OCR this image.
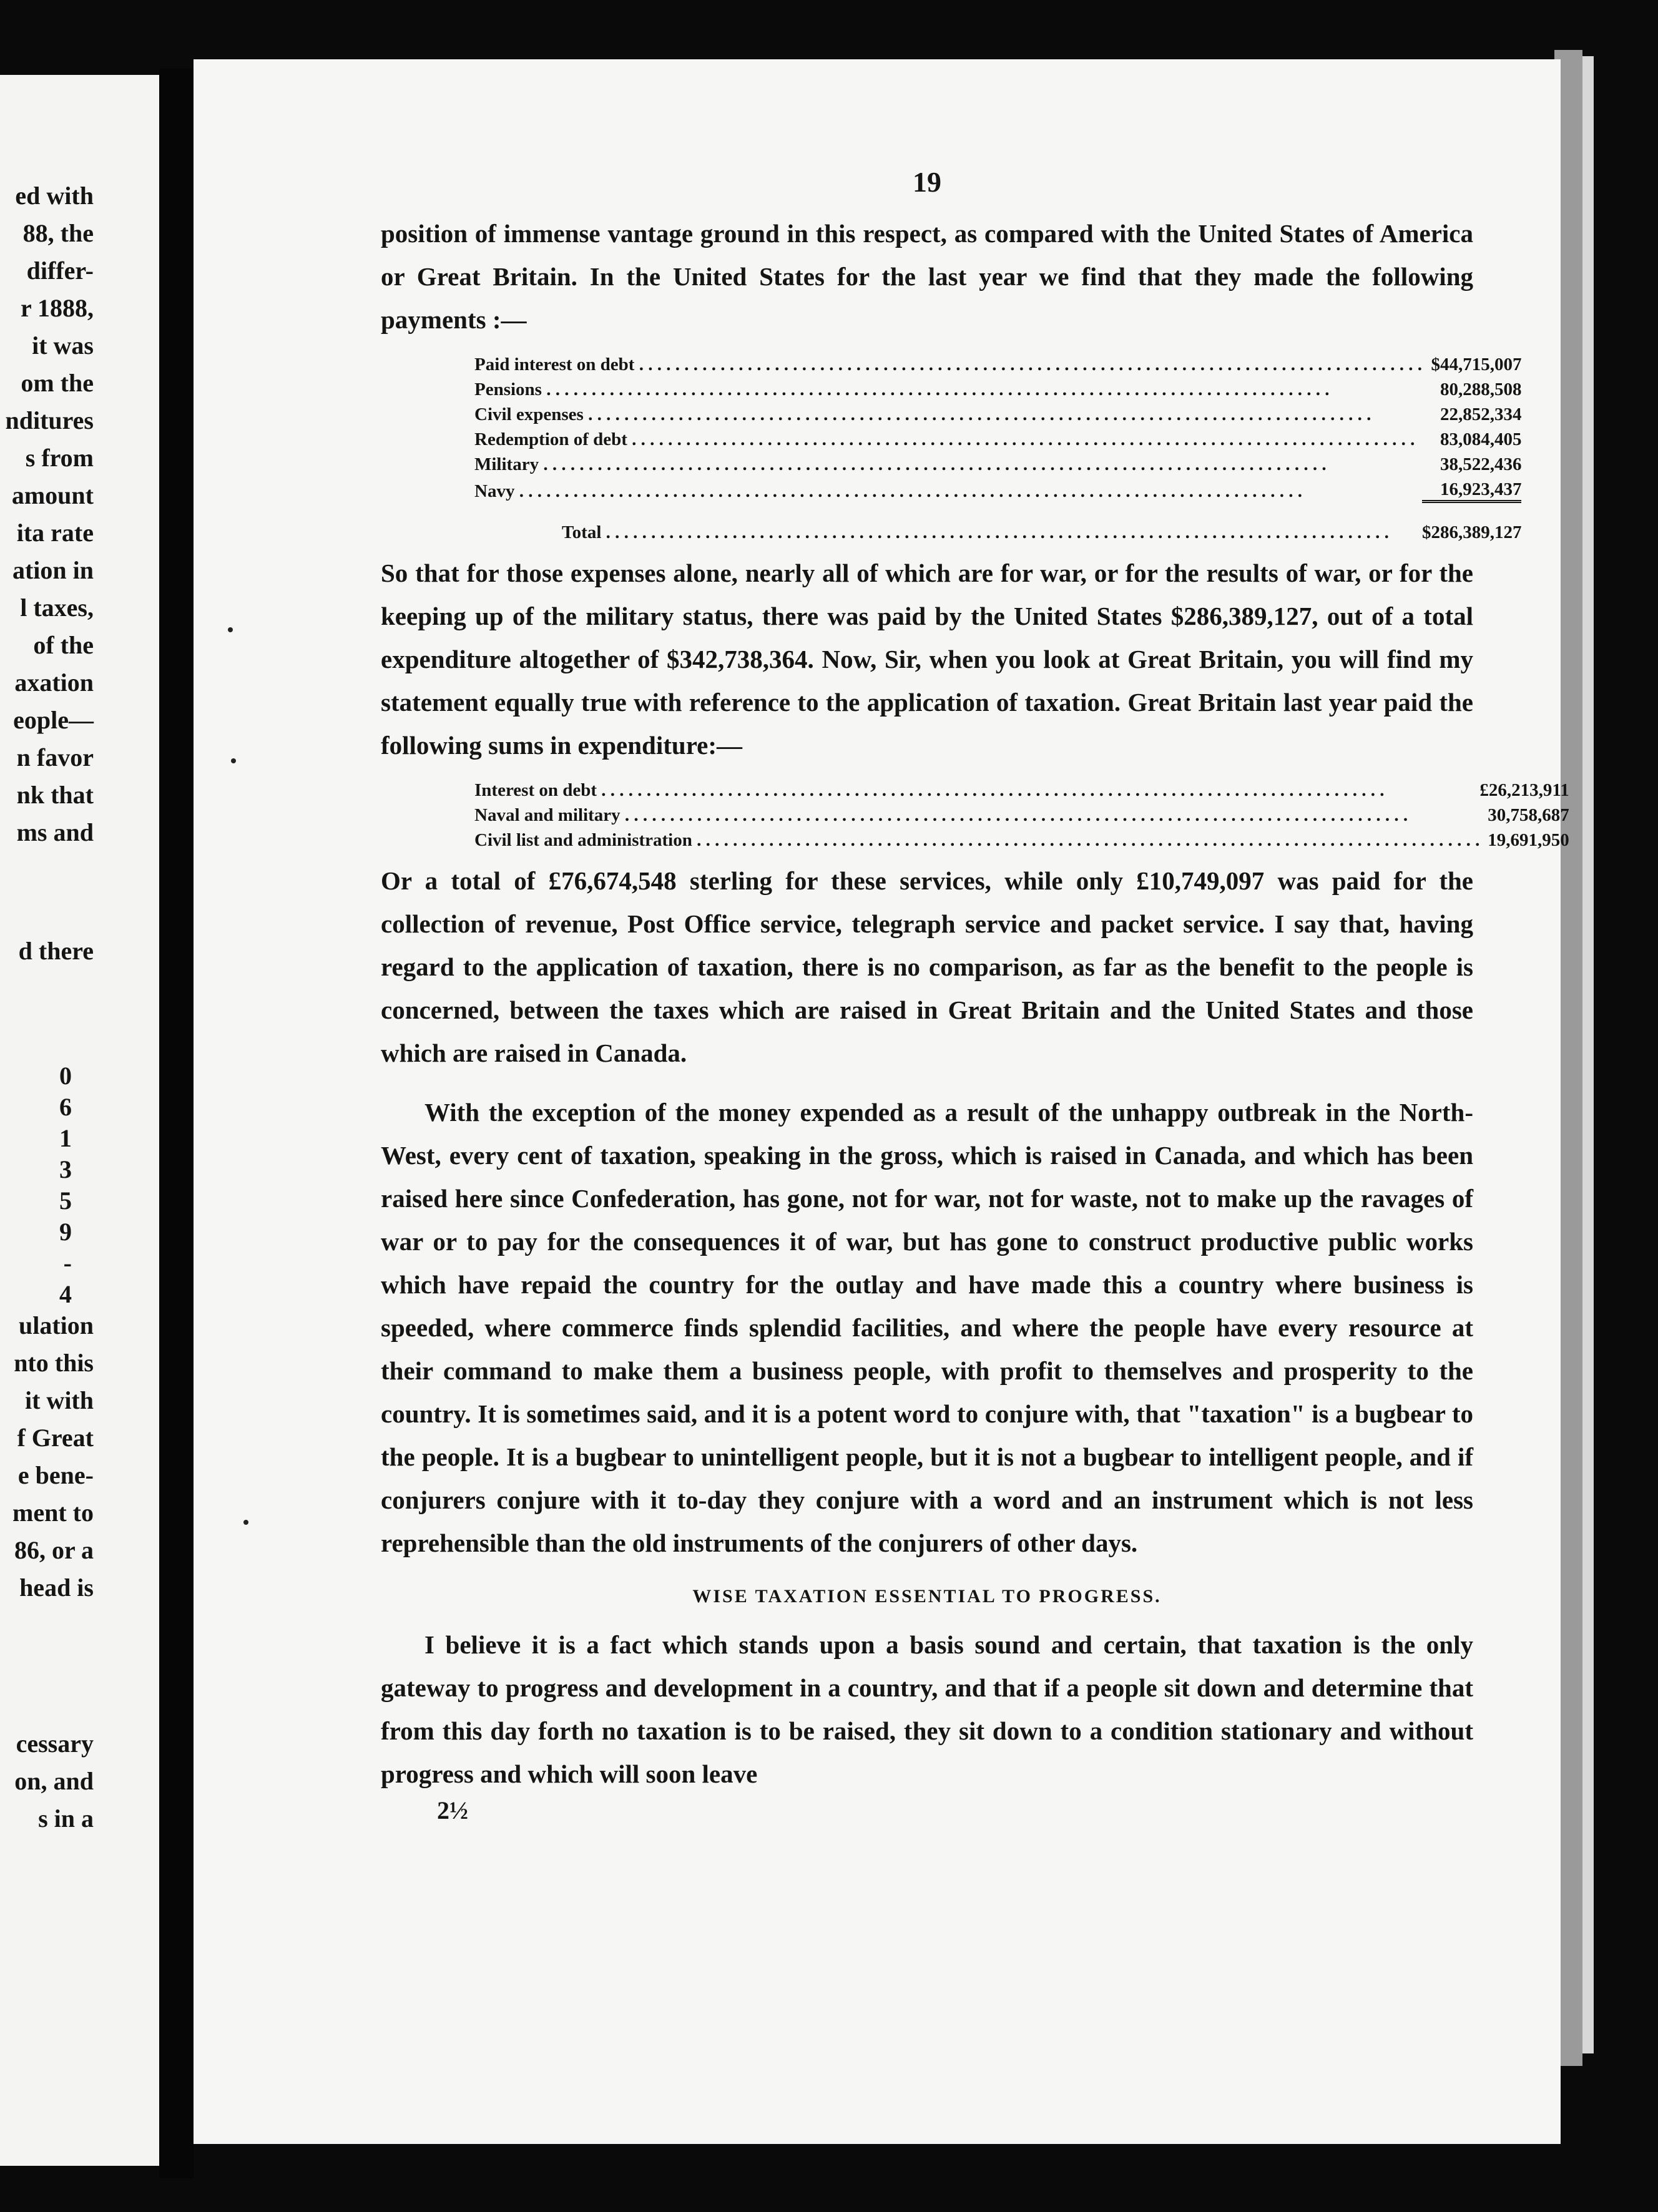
ed with
88, the
differ-
r 1888,
it was
om the
nditures
s from
amount
ita rate
ation in
l taxes,
of the
axation
eople—
n favor
nk that
ms and
d there
0
6
1
3
5
9
-
4
ulation
nto this
it with
f Great
e bene-
ment to
86, or a
head is
cessary
on, and
s in a
19

position of immense vantage ground in this respect, as compared with the United States of America or Great Britain. In the United States for the last year we find that they made the following payments :—

Paid interest on debt . . .	$44,715,007
Pensions . . .	80,288,508
Civil expenses . . .	22,852,334
Redemption of debt . . .	83,084,405
Military . . .	38,522,436
Navy . . .	16,923,437
Total . . .	$286,389,127

So that for those expenses alone, nearly all of which are for war, or for the results of war, or for the keeping up of the military status, there was paid by the United States $286,389,127, out of a total expenditure altogether of $342,738,364. Now, Sir, when you look at Great Britain, you will find my statement equally true with reference to the application of taxation. Great Britain last year paid the following sums in expenditure:—

Interest on debt . . .	£26,213,911
Naval and military . . .	30,758,687
Civil list and administration . . .	19,691,950

Or a total of £76,674,548 sterling for these services, while only £10,749,097 was paid for the collection of revenue, Post Office service, telegraph service and packet service. I say that, having regard to the application of taxation, there is no comparison, as far as the benefit to the people is concerned, between the taxes which are raised in Great Britain and the United States and those which are raised in Canada.

With the exception of the money expended as a result of the unhappy outbreak in the North-West, every cent of taxation, speaking in the gross, which is raised in Canada, and which has been raised here since Confederation, has gone, not for war, not for waste, not to make up the ravages of war or to pay for the consequences it of war, but has gone to construct productive public works which have repaid the country for the outlay and have made this a country where business is speeded, where commerce finds splendid facilities, and where the people have every resource at their command to make them a business people, with profit to themselves and prosperity to the country. It is sometimes said, and it is a potent word to conjure with, that "taxation" is a bugbear to the people. It is a bugbear to unintelligent people, but it is not a bugbear to intelligent people, and if conjurers conjure with it to-day they conjure with a word and an instrument which is not less reprehensible than the old instruments of the conjurers of other days.

WISE TAXATION ESSENTIAL TO PROGRESS.

I believe it is a fact which stands upon a basis sound and certain, that taxation is the only gateway to progress and development in a country, and that if a people sit down and determine that from this day forth no taxation is to be raised, they sit down to a condition stationary and without progress and which will soon leave

2½
